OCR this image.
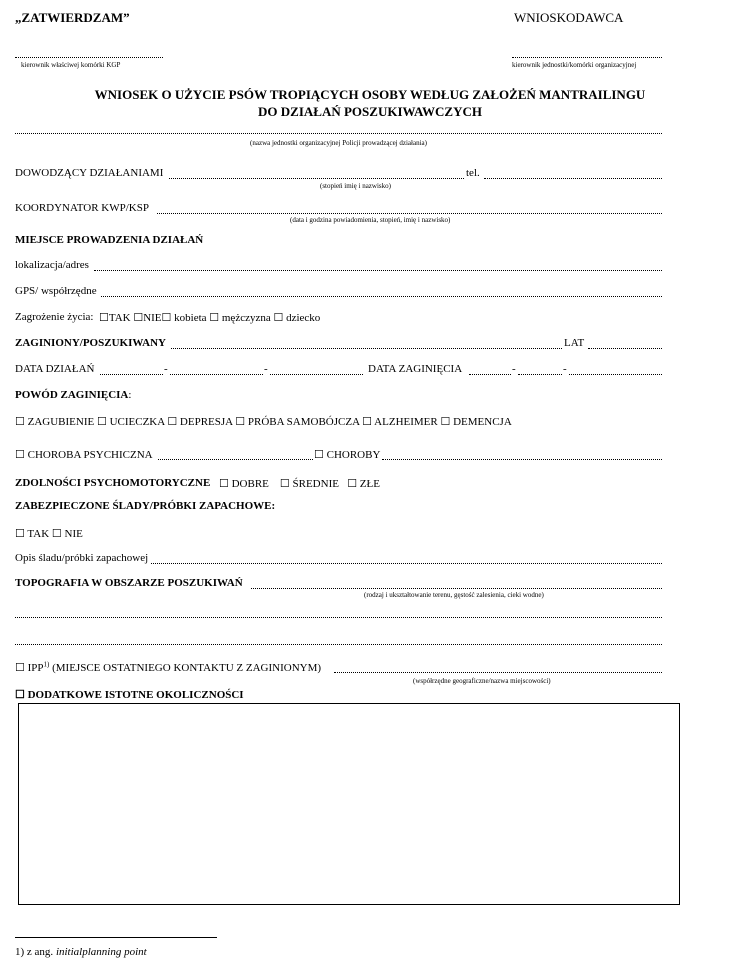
„ZATWIERDZAM”	WNIOSKODAWCA
kierownik właściwej komórki KGP	kierownik jednostki/komórki organizacyjnej
WNIOSEK O UŻYCIE PSÓW TROPIĄCYCH OSOBY WEDŁUG ZAŁOŻEŃ MANTRAILINGU
DO DZIAŁAŃ POSZUKIWAWCZYCH
(nazwa jednostki organizacyjnej Policji prowadzącej działania)
DOWODZĄCY DZIAŁANIAMI	tel.
(stopień imię i nazwisko)
KOORDYNATOR KWP/KSP
(data i godzina powiadomienia, stopień, imię i nazwisko)
MIEJSCE PROWADZENIA DZIAŁAŃ
lokalizacja/adres
GPS/ współrzędne
Zagrożenie życia: ☐TAK ☐NIE☐ kobieta ☐ mężczyzna ☐ dziecko
ZAGINIONY/POSZUKIWANY	LAT
DATA DZIAŁAŃ	-	-	DATA ZAGINIĘCIA	-	-
POWÓD ZAGINIĘCIA:
☐ ZAGUBIENIE ☐ UCIECZKA ☐ DEPRESJA ☐ PRÓBA SAMOBÓJCZA ☐ ALZHEIMER ☐ DEMENCJA
☐ CHOROBA PSYCHICZNA	☐ CHOROBY
ZDOLNOŚCI PSYCHOMOTORYCZNE ☐ DOBRE    ☐ ŚREDNIE   ☐ ZŁE
ZABEZPIECZONE ŚLADY/PRÓBKI ZAPACHOWE:
☐ TAK ☐ NIE
Opis śladu/próbki zapachowej
TOPOGRAFIA W OBSZARZE POSZUKIWAŃ
(rodzaj i ukształtowanie terenu, gęstość zalesienia, cieki wodne)
☐ IPP$^{1)}$ (MIEJSCE OSTATNIEGO KONTAKTU Z ZAGINIONYM)
(współrzędne geograficzne/nazwa miejscowości)
☐ DODATKOWE ISTOTNE OKOLICZNOŚCI
1) z ang. initialplanning point
